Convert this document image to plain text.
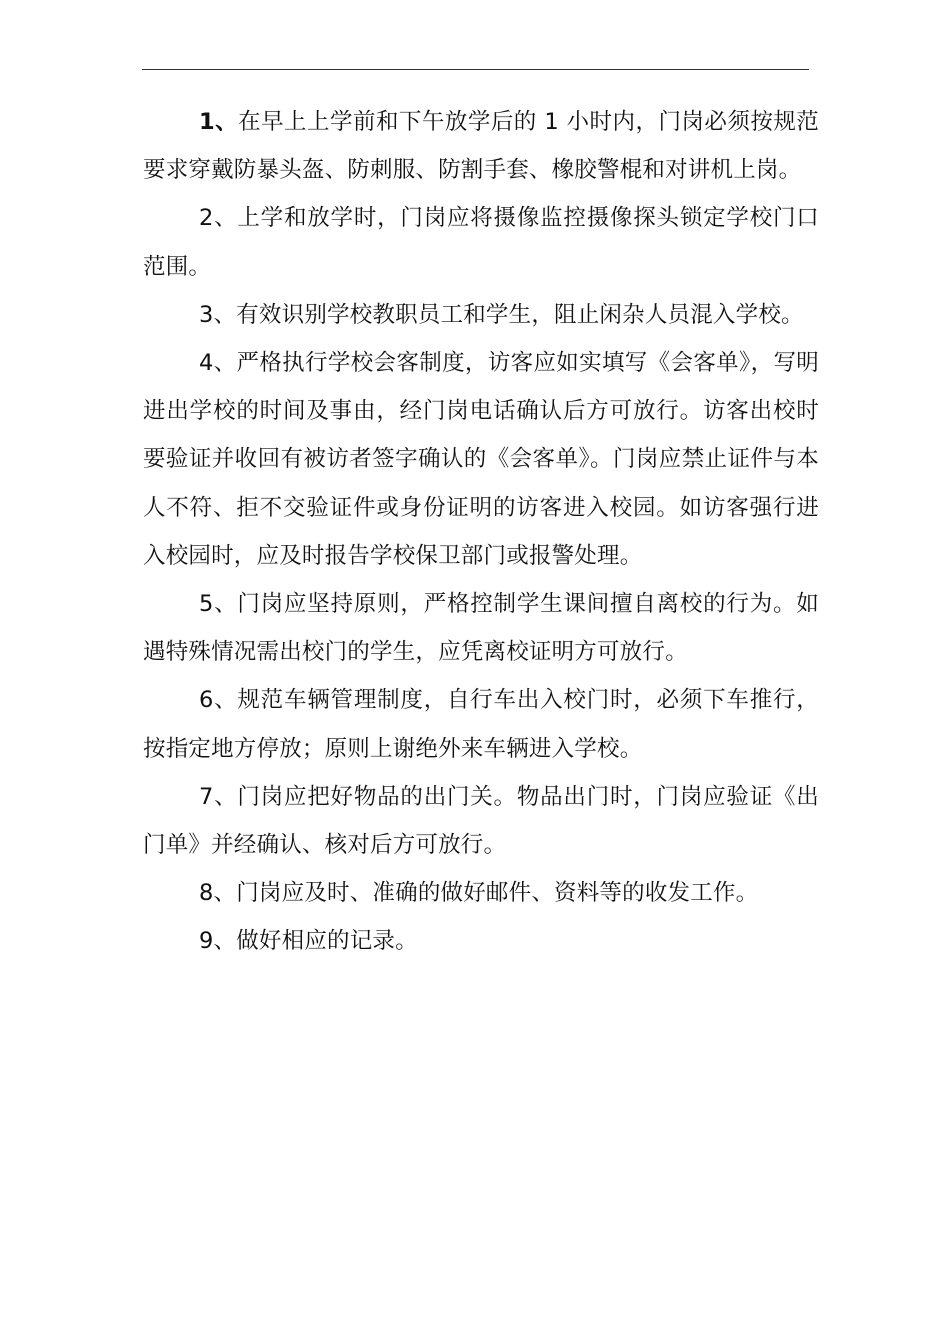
1、在早上上学前和下午放学后的 1 小时内，门岗必须按规范要求穿戴防暴头盔、防刺服、防割手套、橡胶警棍和对讲机上岗。

2、上学和放学时，门岗应将摄像监控摄像探头锁定学校门口范围。

3、有效识别学校教职员工和学生，阻止闲杂人员混入学校。

4、严格执行学校会客制度，访客应如实填写《会客单》，写明进出学校的时间及事由，经门岗电话确认后方可放行。访客出校时要验证并收回有被访者签字确认的《会客单》。门岗应禁止证件与本人不符、拒不交验证件或身份证明的访客进入校园。如访客强行进入校园时，应及时报告学校保卫部门或报警处理。

5、门岗应坚持原则，严格控制学生课间擅自离校的行为。如遇特殊情况需出校门的学生，应凭离校证明方可放行。

6、规范车辆管理制度，自行车出入校门时，必须下车推行，按指定地方停放；原则上谢绝外来车辆进入学校。

7、门岗应把好物品的出门关。物品出门时，门岗应验证《出门单》并经确认、核对后方可放行。

8、门岗应及时、准确的做好邮件、资料等的收发工作。

9、做好相应的记录。
